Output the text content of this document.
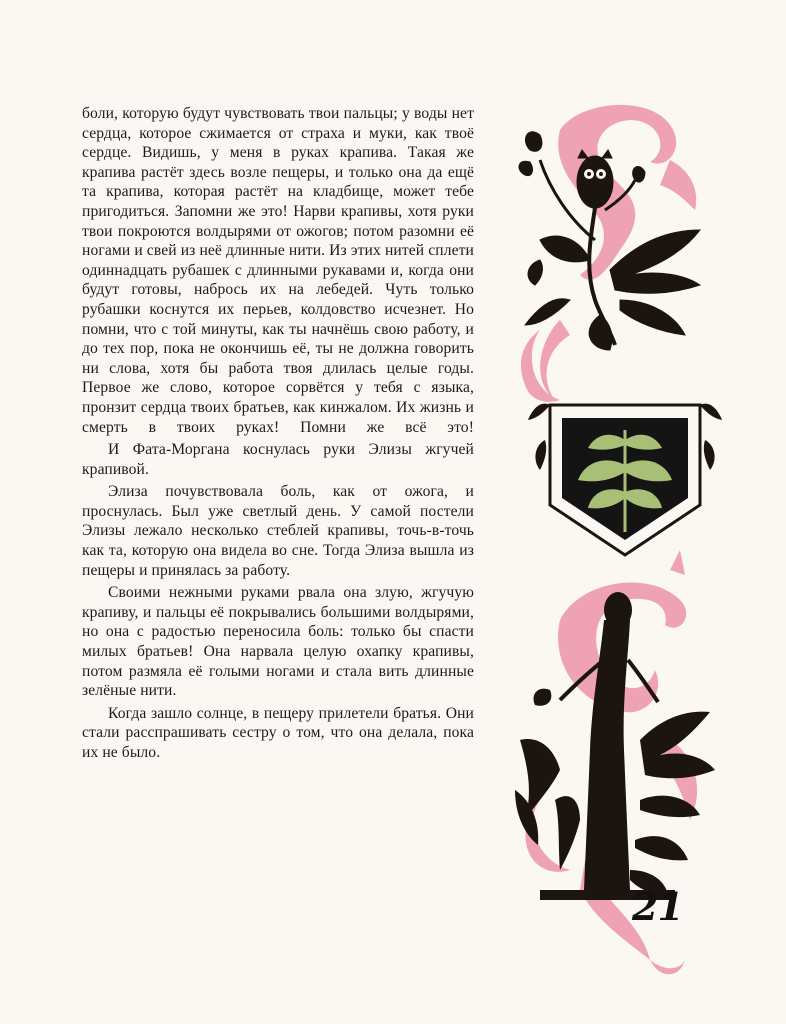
боли, которую будут чувствовать твои пальцы; у воды нет сердца, которое сжимается от страха и муки, как твоё сердце. Видишь, у меня в руках крапива. Такая же крапива растёт здесь возле пещеры, и только она да ещё та крапива, которая растёт на кладбище, может тебе пригодиться. Запомни же это! Нарви крапивы, хотя руки твои покроются волдырями от ожогов; потом разомни её ногами и свей из неё длинные нити. Из этих нитей сплети одиннадцать рубашек с длинными рукавами и, когда они будут готовы, набрось их на лебедей. Чуть только рубашки коснутся их перьев, колдовство исчезнет. Но помни, что с той минуты, как ты начнёшь свою работу, и до тех пор, пока не окончишь её, ты не должна говорить ни слова, хотя бы работа твоя длилась целые годы. Первое же слово, которое сорвётся у тебя с языка, пронзит сердца твоих братьев, как кинжалом. Их жизнь и смерть в твоих руках! Помни же всё это!

И Фата-Моргана коснулась руки Элизы жгучей крапивой.

Элиза почувствовала боль, как от ожога, и проснулась. Был уже светлый день. У самой постели Элизы лежало несколько стеблей крапивы, точь-в-точь как та, которую она видела во сне. Тогда Элиза вышла из пещеры и принялась за работу.

Своими нежными руками рвала она злую, жгучую крапиву, и пальцы её покрывались большими волдырями, но она с радостью переносила боль: только бы спасти милых братьев! Она нарвала целую охапку крапивы, потом размяла её голыми ногами и стала вить длинные зелёные нити.

Когда зашло солнце, в пещеру прилетели братья. Они стали расспрашивать сестру о том, что она делала, пока их не было.

21
